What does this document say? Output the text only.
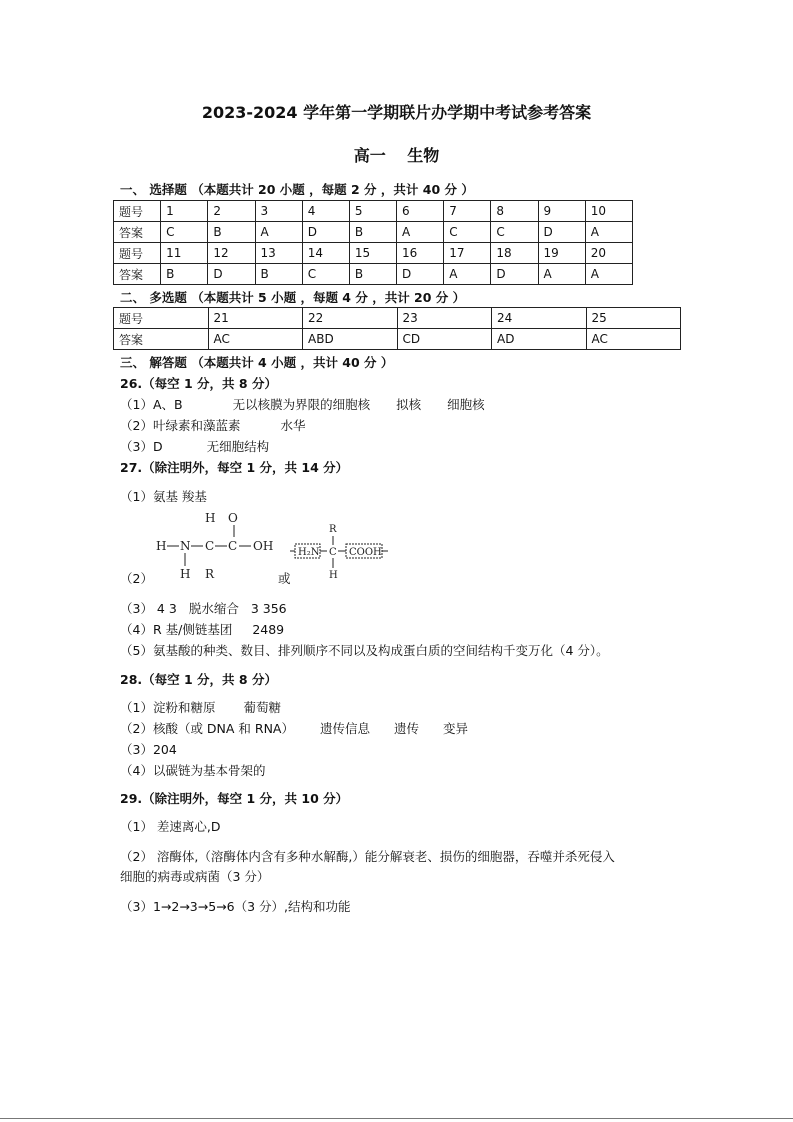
2023-2024 学年第一学期联片办学期中考试参考答案
高一 生物
一、 选择题 （本题共计 20 小题 ，每题 2 分 ，共计 40 分 ）
题号	1	2	3	4	5	6	7	8	9	10
答案	C	B	A	D	B	A	C	C	D	A
题号	11	12	13	14	15	16	17	18	19	20
答案	B	D	B	C	B	D	A	D	A	A
二、 多选题 （本题共计 5 小题 ，每题 4 分 ，共计 20 分 ）
题号	21	22	23	24	25
答案	AC	ABD	CD	AD	AC
三、 解答题 （本题共计 4 小题 ，共计 40 分 ）
26.（每空 1 分，共 8 分）
（1）A、B	无以核膜为界限的细胞核 拟核 细胞核
（2）叶绿素和藻蓝素	水华
（3）D	无细胞结构
27.（除注明外，每空 1 分，共 14 分）
（1）氨基 羧基
H O
H N C C OH
H R
R
H₂N C COOH
H
（2）	或
（3） 4 3 脱水缩合 3 356
（4）R 基/侧链基团 2489
（5）氨基酸的种类、数目、排列顺序不同以及构成蛋白质的空间结构千变万化（4 分）。
28.（每空 1 分，共 8 分）
（1）淀粉和糖原 葡萄糖
（2）核酸（或 DNA 和 RNA） 遗传信息 遗传 变异
（3）204
（4）以碳链为基本骨架的
29.（除注明外，每空 1 分，共 10 分）
（1） 差速离心,D
（2） 溶酶体,（溶酶体内含有多种水解酶,）能分解衰老、损伤的细胞器，吞噬并杀死侵入
细胞的病毒或病菌（3 分）
（3）1→2→3→5→6（3 分）,结构和功能
